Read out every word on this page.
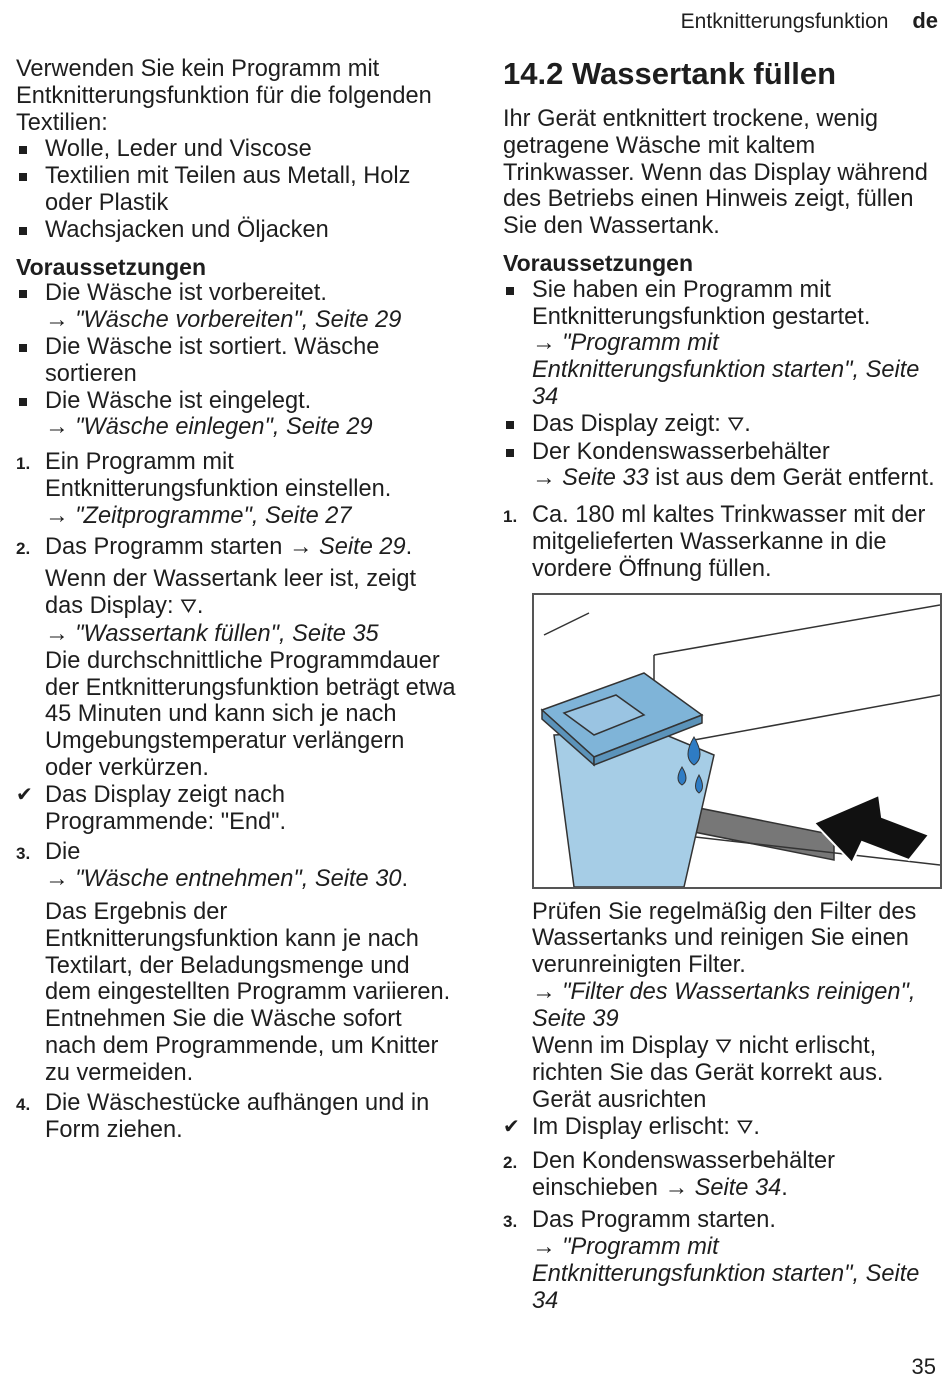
Entknitterungsfunktion de

Verwenden Sie kein Programm mit Entknitterungsfunktion für die folgenden Textilien:

Wolle, Leder und Viscose
Textilien mit Teilen aus Metall, Holz oder Plastik
Wachsjacken und Öljacken
Voraussetzungen
Die Wäsche ist vorbereitet.
→ "Wäsche vorbereiten", Seite 29
Die Wäsche ist sortiert. Wäsche sortieren
Die Wäsche ist eingelegt.
→ "Wäsche einlegen", Seite 29
1. Ein Programm mit Entknitterungsfunktion einstellen.
→ "Zeitprogramme", Seite 27
2. Das Programm starten → Seite 29.
Wenn der Wassertank leer ist, zeigt das Display: ⛛.
→ "Wassertank füllen", Seite 35
Die durchschnittliche Programmdauer der Entknitterungsfunktion beträgt etwa 45 Minuten und kann sich je nach Umgebungstemperatur verlängern oder verkürzen.
✔ Das Display zeigt nach Programmende: "End".
3. Die
→ "Wäsche entnehmen", Seite 30.
Das Ergebnis der Entknitterungsfunktion kann je nach Textilart, der Beladungsmenge und dem eingestellten Programm variieren. Entnehmen Sie die Wäsche sofort nach dem Programmende, um Knitter zu vermeiden.
4. Die Wäschestücke aufhängen und in Form ziehen.
14.2 Wassertank füllen

Ihr Gerät entknittert trockene, wenig getragene Wäsche mit kaltem Trinkwasser. Wenn das Display während des Betriebs einen Hinweis zeigt, füllen Sie den Wassertank.

Voraussetzungen
Sie haben ein Programm mit Entknitterungsfunktion gestartet.
→ "Programm mit Entknitterungsfunktion starten", Seite 34
Das Display zeigt: ⛛.
Der Kondenswasserbehälter
→ Seite 33 ist aus dem Gerät entfernt.
1. Ca. 180 ml kaltes Trinkwasser mit der mitgelieferten Wasserkanne in die vordere Öffnung füllen.
Prüfen Sie regelmäßig den Filter des Wassertanks und reinigen Sie einen verunreinigten Filter.
→ "Filter des Wassertanks reinigen", Seite 39
Wenn im Display ⛛ nicht erlischt, richten Sie das Gerät korrekt aus. Gerät ausrichten
✔ Im Display erlischt: ⛛.
2. Den Kondenswasserbehälter einschieben → Seite 34.
3. Das Programm starten.
→ "Programm mit Entknitterungsfunktion starten", Seite 34
35
